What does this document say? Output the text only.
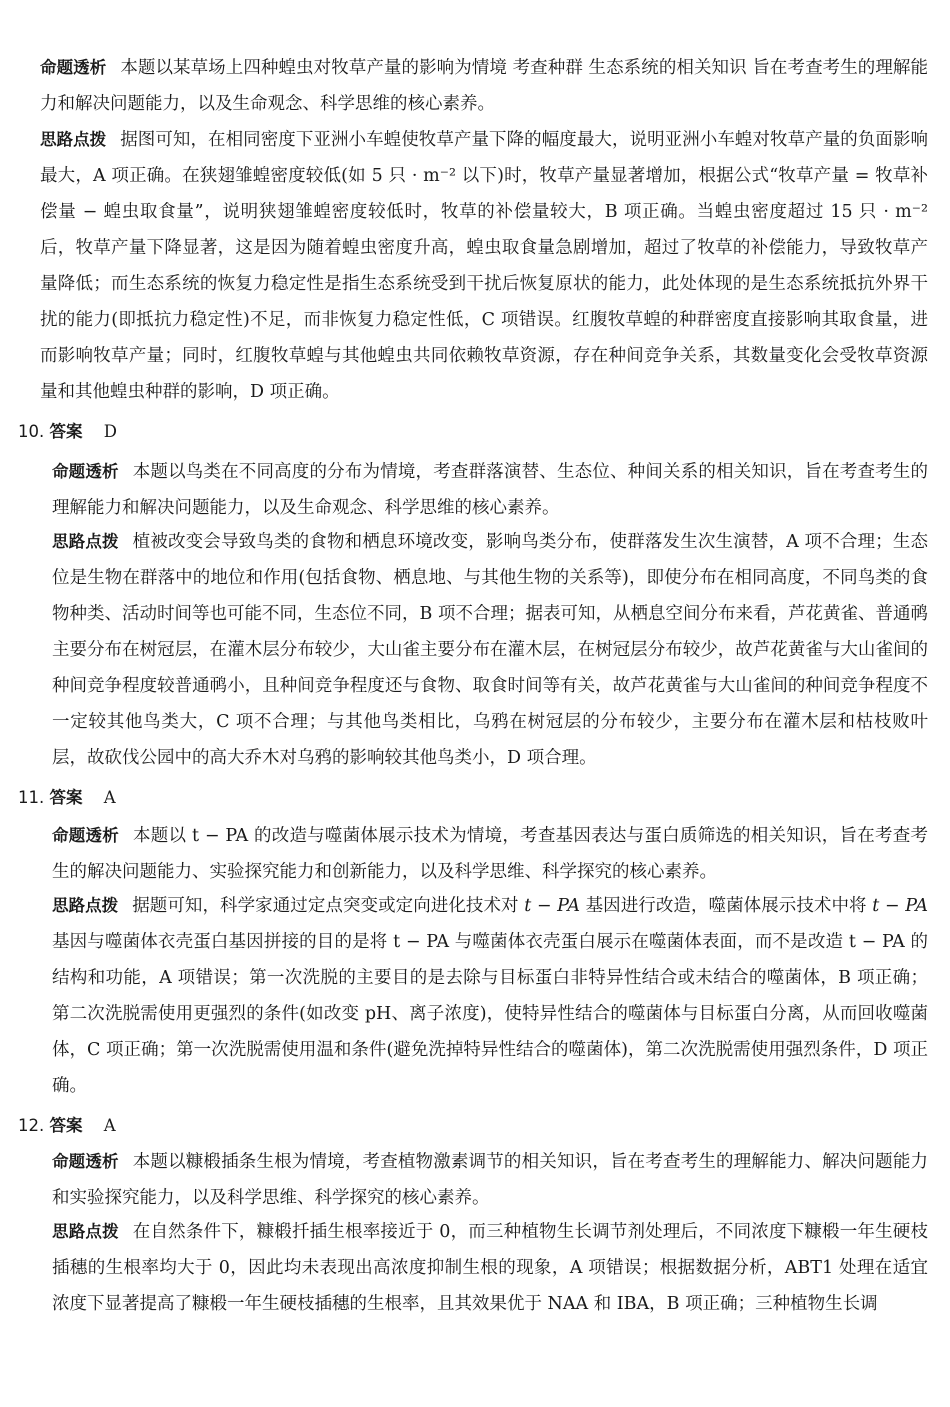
命题透析 本题以某草场上四种蝗虫对牧草产量的影响为情境 考查种群 生态系统的相关知识 旨在考查考生的理解能力和解决问题能力，以及生命观念、科学思维的核心素养。
思路点拨 据图可知，在相同密度下亚洲小车蝗使牧草产量下降的幅度最大，说明亚洲小车蝗对牧草产量的负面影响最大，A 项正确。在狭翅雏蝗密度较低(如 5 只 · m⁻² 以下)时，牧草产量显著增加，根据公式“牧草产量 = 牧草补偿量 − 蝗虫取食量”，说明狭翅雏蝗密度较低时，牧草的补偿量较大，B 项正确。当蝗虫密度超过 15 只 · m⁻² 后，牧草产量下降显著，这是因为随着蝗虫密度升高，蝗虫取食量急剧增加，超过了牧草的补偿能力，导致牧草产量降低；而生态系统的恢复力稳定性是指生态系统受到干扰后恢复原状的能力，此处体现的是生态系统抵抗外界干扰的能力(即抵抗力稳定性)不足，而非恢复力稳定性低，C 项错误。红腹牧草蝗的种群密度直接影响其取食量，进而影响牧草产量；同时，红腹牧草蝗与其他蝗虫共同依赖牧草资源，存在种间竞争关系，其数量变化会受牧草资源量和其他蝗虫种群的影响，D 项正确。
10. 答案 D
命题透析 本题以鸟类在不同高度的分布为情境，考查群落演替、生态位、种间关系的相关知识，旨在考查考生的理解能力和解决问题能力，以及生命观念、科学思维的核心素养。
思路点拨 植被改变会导致鸟类的食物和栖息环境改变，影响鸟类分布，使群落发生次生演替，A 项不合理；生态位是生物在群落中的地位和作用(包括食物、栖息地、与其他生物的关系等)，即使分布在相同高度，不同鸟类的食物种类、活动时间等也可能不同，生态位不同，B 项不合理；据表可知，从栖息空间分布来看，芦花黄雀、普通䴓主要分布在树冠层，在灌木层分布较少，大山雀主要分布在灌木层，在树冠层分布较少，故芦花黄雀与大山雀间的种间竞争程度较普通䴓小，且种间竞争程度还与食物、取食时间等有关，故芦花黄雀与大山雀间的种间竞争程度不一定较其他鸟类大，C 项不合理；与其他鸟类相比，乌鸦在树冠层的分布较少，主要分布在灌木层和枯枝败叶层，故砍伐公园中的高大乔木对乌鸦的影响较其他鸟类小，D 项合理。
11. 答案 A
命题透析 本题以 t − PA 的改造与噬菌体展示技术为情境，考查基因表达与蛋白质筛选的相关知识，旨在考查考生的解决问题能力、实验探究能力和创新能力，以及科学思维、科学探究的核心素养。
思路点拨 据题可知，科学家通过定点突变或定向进化技术对 t − PA 基因进行改造，噬菌体展示技术中将 t − PA 基因与噬菌体衣壳蛋白基因拼接的目的是将 t − PA 与噬菌体衣壳蛋白展示在噬菌体表面，而不是改造 t − PA 的结构和功能，A 项错误；第一次洗脱的主要目的是去除与目标蛋白非特异性结合或未结合的噬菌体，B 项正确；第二次洗脱需使用更强烈的条件(如改变 pH、离子浓度)，使特异性结合的噬菌体与目标蛋白分离，从而回收噬菌体，C 项正确；第一次洗脱需使用温和条件(避免洗掉特异性结合的噬菌体)，第二次洗脱需使用强烈条件，D 项正确。
12. 答案 A
命题透析 本题以糠椴插条生根为情境，考查植物激素调节的相关知识，旨在考查考生的理解能力、解决问题能力和实验探究能力，以及科学思维、科学探究的核心素养。
思路点拨 在自然条件下，糠椴扦插生根率接近于 0，而三种植物生长调节剂处理后，不同浓度下糠椴一年生硬枝插穗的生根率均大于 0，因此均未表现出高浓度抑制生根的现象，A 项错误；根据数据分析，ABT1 处理在适宜浓度下显著提高了糠椴一年生硬枝插穗的生根率，且其效果优于 NAA 和 IBA，B 项正确；三种植物生长调
